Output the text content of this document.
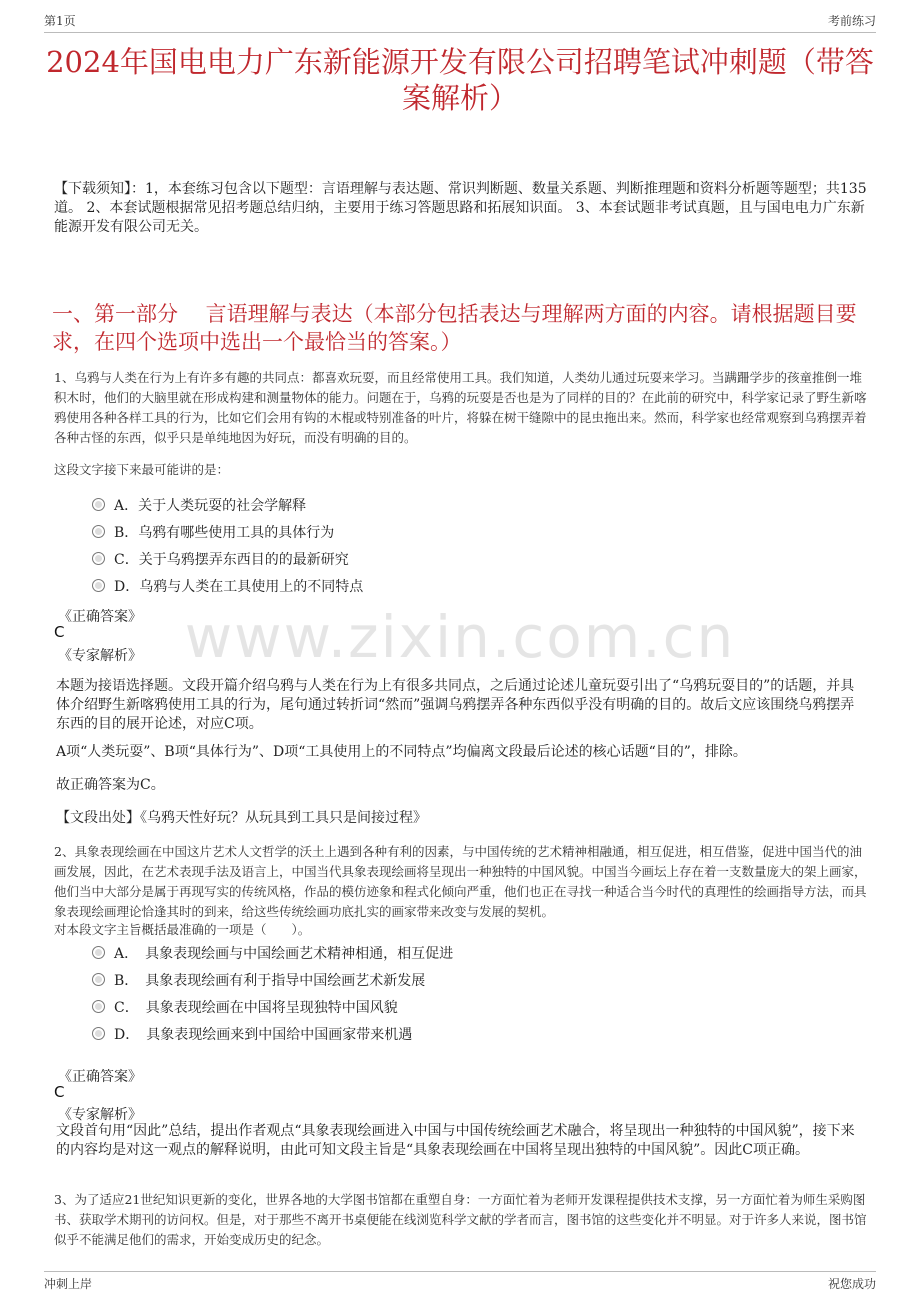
第1页	考前练习
2024年国电电力广东新能源开发有限公司招聘笔试冲刺题（带答案解析）
【下载须知】：1，本套练习包含以下题型：言语理解与表达题、常识判断题、数量关系题、判断推理题和资料分析题等题型；共135道。 2、本套试题根据常见招考题总结归纳，主要用于练习答题思路和拓展知识面。 3、本套试题非考试真题，且与国电电力广东新能源开发有限公司无关。
一、第一部分　 言语理解与表达（本部分包括表达与理解两方面的内容。请根据题目要求，在四个选项中选出一个最恰当的答案。）
1、乌鸦与人类在行为上有许多有趣的共同点：都喜欢玩耍，而且经常使用工具。我们知道，人类幼儿通过玩耍来学习。当蹒跚学步的孩童推倒一堆积木时，他们的大脑里就在形成构建和测量物体的能力。问题在于，乌鸦的玩耍是否也是为了同样的目的？在此前的研究中，科学家记录了野生新喀鸦使用各种各样工具的行为，比如它们会用有钩的木棍或特别准备的叶片，将躲在树干缝隙中的昆虫拖出来。然而，科学家也经常观察到乌鸦摆弄着各种古怪的东西，似乎只是单纯地因为好玩，而没有明确的目的。
这段文字接下来最可能讲的是：
A．关于人类玩耍的社会学解释
B．乌鸦有哪些使用工具的具体行为
C．关于乌鸦摆弄东西目的的最新研究
D．乌鸦与人类在工具使用上的不同特点
《正确答案》
C
《专家解析》
本题为接语选择题。文段开篇介绍乌鸦与人类在行为上有很多共同点，之后通过论述儿童玩耍引出了“乌鸦玩耍目的”的话题，并具体介绍野生新喀鸦使用工具的行为，尾句通过转折词“然而”强调乌鸦摆弄各种东西似乎没有明确的目的。故后文应该围绕乌鸦摆弄东西的目的展开论述，对应C项。
A项“人类玩耍”、B项“具体行为”、D项“工具使用上的不同特点”均偏离文段最后论述的核心话题“目的”，排除。
故正确答案为C。
【文段出处】《乌鸦天性好玩？从玩具到工具只是间接过程》
2、具象表现绘画在中国这片艺术人文哲学的沃土上遇到各种有利的因素，与中国传统的艺术精神相融通，相互促进，相互借鉴，促进中国当代的油画发展，因此，在艺术表现手法及语言上，中国当代具象表现绘画将呈现出一种独特的中国风貌。中国当今画坛上存在着一支数量庞大的架上画家，他们当中大部分是属于再现写实的传统风格，作品的模仿迹象和程式化倾向严重，他们也正在寻找一种适合当今时代的真理性的绘画指导方法，而具象表现绘画理论恰逢其时的到来，给这些传统绘画功底扎实的画家带来改变与发展的契机。
对本段文字主旨概括最准确的一项是（　　）。
A．　具象表现绘画与中国绘画艺术精神相通，相互促进
B．　具象表现绘画有利于指导中国绘画艺术新发展
C．　具象表现绘画在中国将呈现独特中国风貌
D．　具象表现绘画来到中国给中国画家带来机遇
《正确答案》
C
《专家解析》
文段首句用“因此”总结，提出作者观点“具象表现绘画进入中国与中国传统绘画艺术融合，将呈现出一种独特的中国风貌”，接下来的内容均是对这一观点的解释说明，由此可知文段主旨是“具象表现绘画在中国将呈现出独特的中国风貌”。因此C项正确。
3、为了适应21世纪知识更新的变化，世界各地的大学图书馆都在重塑自身：一方面忙着为老师开发课程提供技术支撑，另一方面忙着为师生采购图书、获取学术期刊的访问权。但是，对于那些不离开书桌便能在线浏览科学文献的学者而言，图书馆的这些变化并不明显。对于许多人来说，图书馆似乎不能满足他们的需求，开始变成历史的纪念。
www.zixin.com.cn
冲刺上岸	祝您成功
